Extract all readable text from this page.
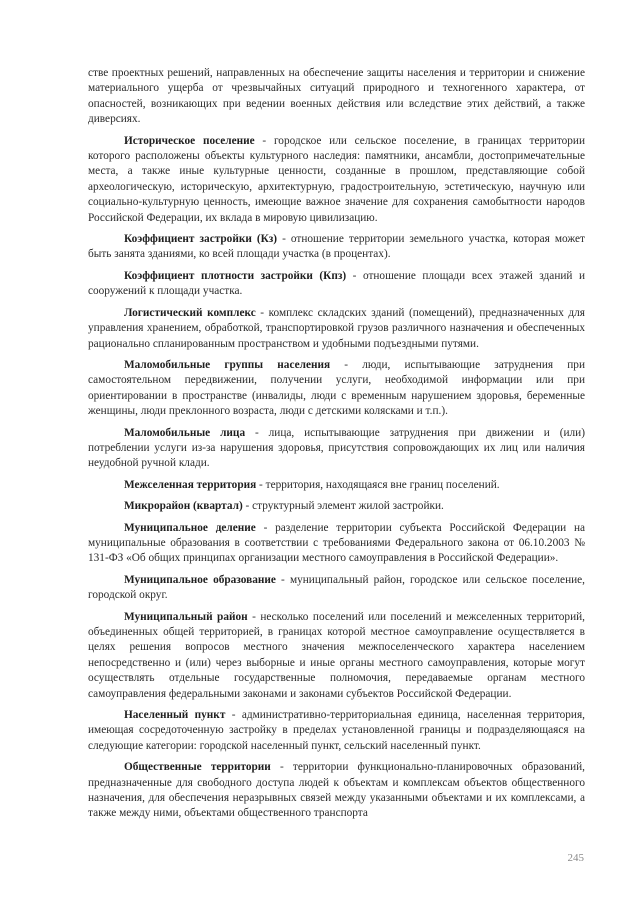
стве проектных решений, направленных на обеспечение защиты населения и территории и снижение материального ущерба от чрезвычайных ситуаций природного и техногенного характера, от опасностей, возникающих при ведении военных действия или вследствие этих действий, а также диверсиях.

Историческое поселение - городское или сельское поселение, в границах территории которого расположены объекты культурного наследия: памятники, ансамбли, достопримечательные места, а также иные культурные ценности, созданные в прошлом, представляющие собой археологическую, историческую, архитектурную, градостроительную, эстетическую, научную или социально-культурную ценность, имеющие важное значение для сохранения самобытности народов Российской Федерации, их вклада в мировую цивилизацию.

Коэффициент застройки (Кз) - отношение территории земельного участка, которая может быть занята зданиями, ко всей площади участка (в процентах).

Коэффициент плотности застройки (Кпз) - отношение площади всех этажей зданий и сооружений к площади участка.

Логистический комплекс - комплекс складских зданий (помещений), предназначенных для управления хранением, обработкой, транспортировкой грузов различного назначения и обеспеченных рационально спланированным пространством и удобными подъездными путями.

Маломобильные группы населения - люди, испытывающие затруднения при самостоятельном передвижении, получении услуги, необходимой информации или при ориентировании в пространстве (инвалиды, люди с временным нарушением здоровья, беременные женщины, люди преклонного возраста, люди с детскими колясками и т.п.).

Маломобильные лица - лица, испытывающие затруднения при движении и (или) потреблении услуги из-за нарушения здоровья, присутствия сопровождающих их лиц или наличия неудобной ручной клади.

Межселенная территория - территория, находящаяся вне границ поселений.

Микрорайон (квартал) - структурный элемент жилой застройки.

Муниципальное деление - разделение территории субъекта Российской Федерации на муниципальные образования в соответствии с требованиями Федерального закона от 06.10.2003 № 131-ФЗ «Об общих принципах организации местного самоуправления в Российской Федерации».

Муниципальное образование - муниципальный район, городское или сельское поселение, городской округ.

Муниципальный район - несколько поселений или поселений и межселенных территорий, объединенных общей территорией, в границах которой местное самоуправление осуществляется в целях решения вопросов местного значения межпоселенческого характера населением непосредственно и (или) через выборные и иные органы местного самоуправления, которые могут осуществлять отдельные государственные полномочия, передаваемые органам местного самоуправления федеральными законами и законами субъектов Российской Федерации.

Населенный пункт - административно-территориальная единица, населенная территория, имеющая сосредоточенную застройку в пределах установленной границы и подразделяющаяся на следующие категории: городской населенный пункт, сельский населенный пункт.

Общественные территории - территории функционально-планировочных образований, предназначенные для свободного доступа людей к объектам и комплексам объектов общественного назначения, для обеспечения неразрывных связей между указанными объектами и их комплексами, а также между ними, объектами общественного транспорта

245
